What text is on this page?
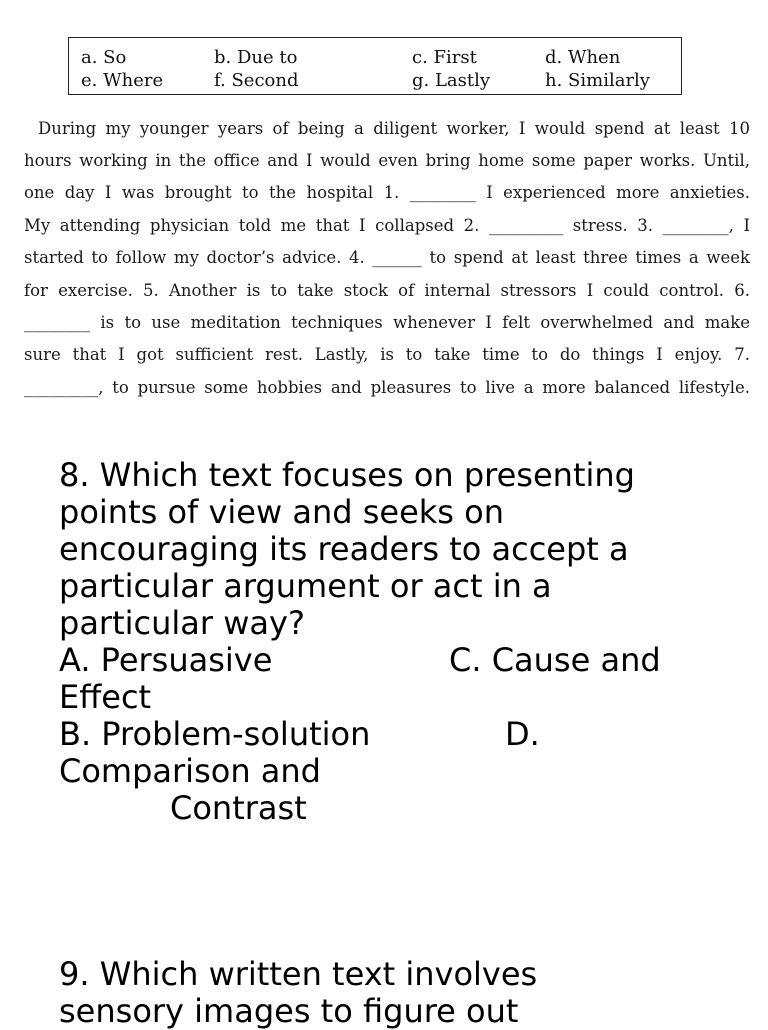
a. So	b. Due to	c. First	d. When
e. Where	f. Second	g. Lastly	h. Similarly
During my younger years of being a diligent worker, I would spend at least 10
hours working in the office and I would even bring home some paper works. Until,
one day I was brought to the hospital 1. ________ I experienced more anxieties.
My attending physician told me that I collapsed 2. _________ stress. 3. ________, I
started to follow my doctor’s advice. 4. ______ to spend at least three times a week
for exercise. 5. Another is to take stock of internal stressors I could control. 6.
________ is to use meditation techniques whenever I felt overwhelmed and make
sure that I got sufficient rest. Lastly, is to take time to do things I enjoy. 7.
_________, to pursue some hobbies and pleasures to live a more balanced lifestyle.
8. Which text focuses on presenting
points of view and seeks on
encouraging its readers to accept a
particular argument or act in a
particular way?
A. Persuasive	C. Cause and
Effect
B. Problem-solution	D.
Comparison and
Contrast
9. Which written text involves
sensory images to figure out
